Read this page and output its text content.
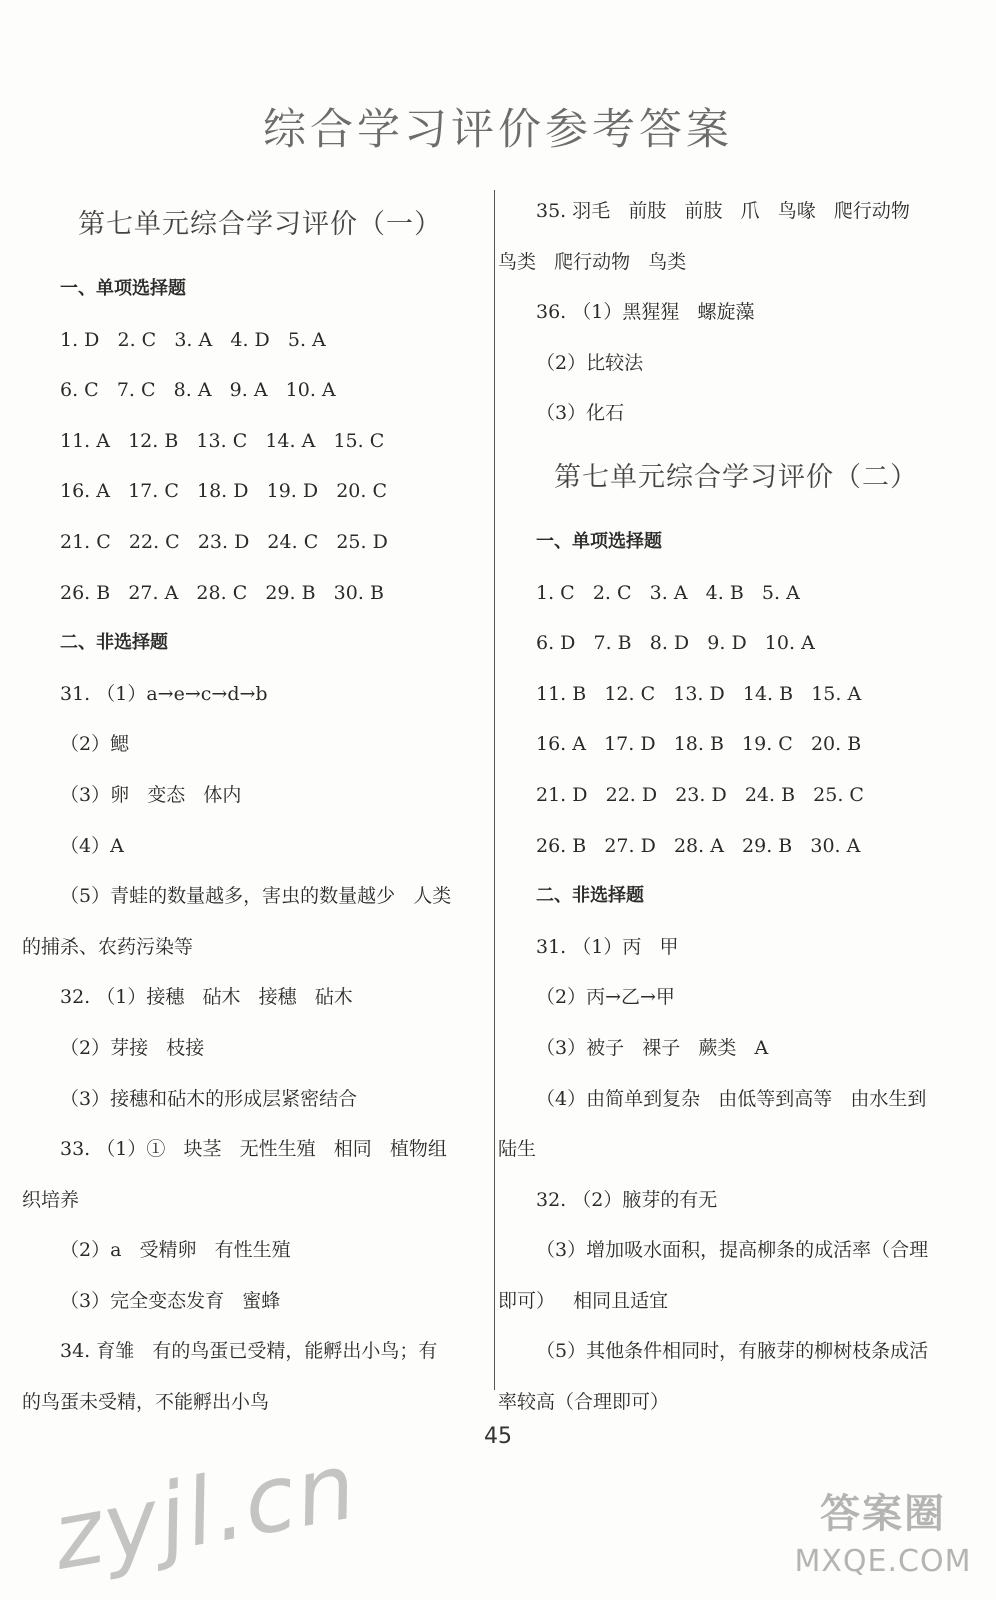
综合学习评价参考答案
第七单元综合学习评价（一）
一、单项选择题
1. D   2. C   3. A   4. D   5. A
6. C   7. C   8. A   9. A   10. A
11. A   12. B   13. C   14. A   15. C
16. A   17. C   18. D   19. D   20. C
21. C   22. C   23. D   24. C   25. D
26. B   27. A   28. C   29. B   30. B
二、非选择题
31. （1）a→e→c→d→b
（2）鳃
（3）卵   变态   体内
（4）A
（5）青蛙的数量越多，害虫的数量越少   人类
的捕杀、农药污染等
32. （1）接穗   砧木   接穗   砧木
（2）芽接   枝接
（3）接穗和砧木的形成层紧密结合
33. （1）①   块茎   无性生殖   相同   植物组
织培养
（2）a   受精卵   有性生殖
（3）完全变态发育   蜜蜂
34. 育雏   有的鸟蛋已受精，能孵出小鸟；有
的鸟蛋未受精，不能孵出小鸟
35. 羽毛   前肢   前肢   爪   鸟喙   爬行动物
鸟类   爬行动物   鸟类
36. （1）黑猩猩   螺旋藻
（2）比较法
（3）化石
第七单元综合学习评价（二）
一、单项选择题
1. C   2. C   3. A   4. B   5. A
6. D   7. B   8. D   9. D   10. A
11. B   12. C   13. D   14. B   15. A
16. A   17. D   18. B   19. C   20. B
21. D   22. D   23. D   24. B   25. C
26. B   27. D   28. A   29. B   30. A
二、非选择题
31. （1）丙   甲
（2）丙→乙→甲
（3）被子   裸子   蕨类   A
（4）由简单到复杂   由低等到高等   由水生到
陆生
32. （2）腋芽的有无
（3）增加吸水面积，提高柳条的成活率（合理
即可）   相同且适宜
（5）其他条件相同时，有腋芽的柳树枝条成活
率较高（合理即可）
45
zyjl.cn	答案圈
MXQE.COM
